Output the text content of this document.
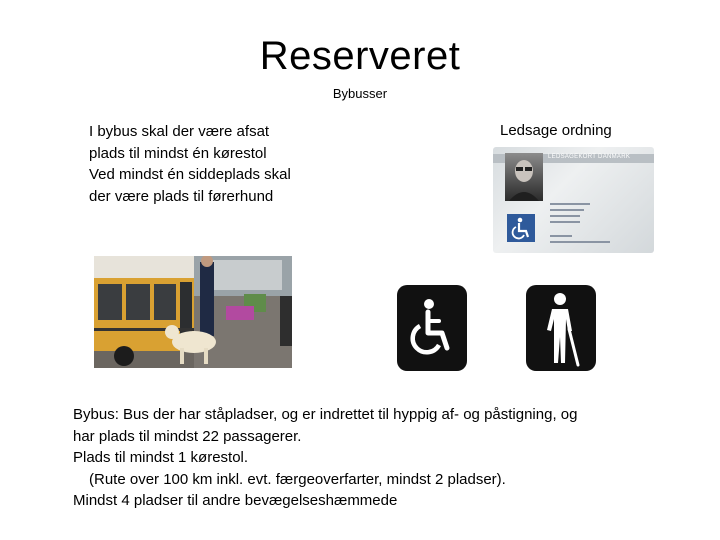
Reserveret
Bybusser
I bybus skal der være afsat
plads til mindst én kørestol
Ved mindst én siddeplads skal
der være plads til førerhund
Ledsage ordning
LEDSAGEKORT DANMARK
Bybus: Bus der har ståpladser, og er indrettet til hyppig af- og påstigning, og
har plads til mindst 22 passagerer.
Plads til mindst 1 kørestol.
(Rute over 100 km inkl. evt. færgeoverfarter, mindst 2 pladser).
Mindst 4 pladser til andre bevægelseshæmmede
